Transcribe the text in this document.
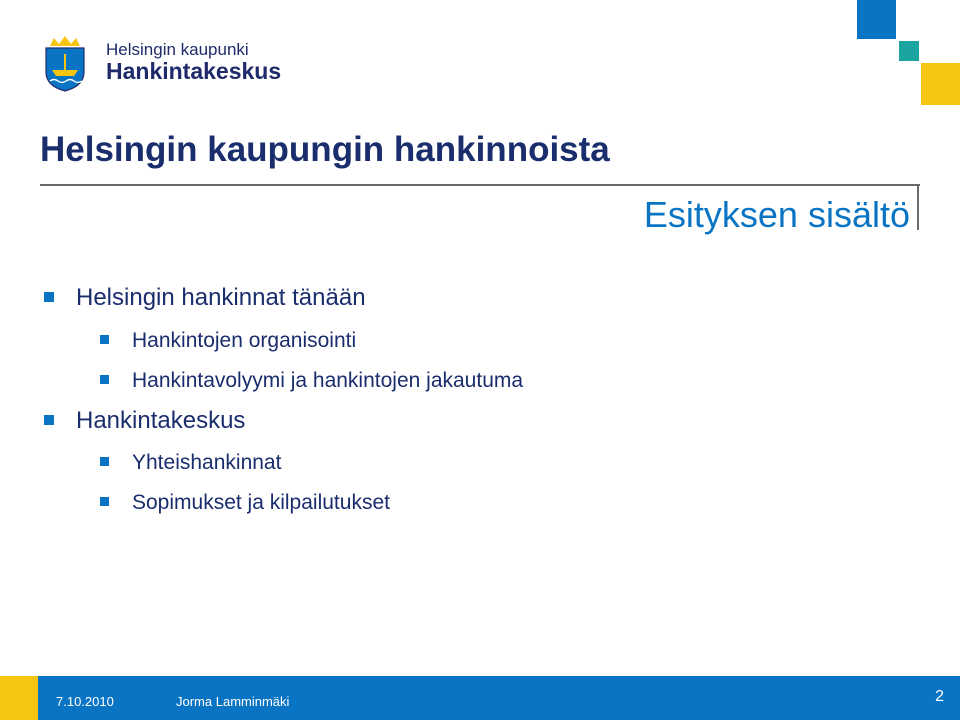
Helsingin kaupunki
Hankintakeskus
Helsingin kaupungin hankinnoista
Esityksen sisältö
Helsingin hankinnat tänään
Hankintojen organisointi
Hankintavolyymi ja hankintojen jakautuma
Hankintakeskus
Yhteishankinnat
Sopimukset ja kilpailutukset
7.10.2010	Jorma Lamminmäki	2
